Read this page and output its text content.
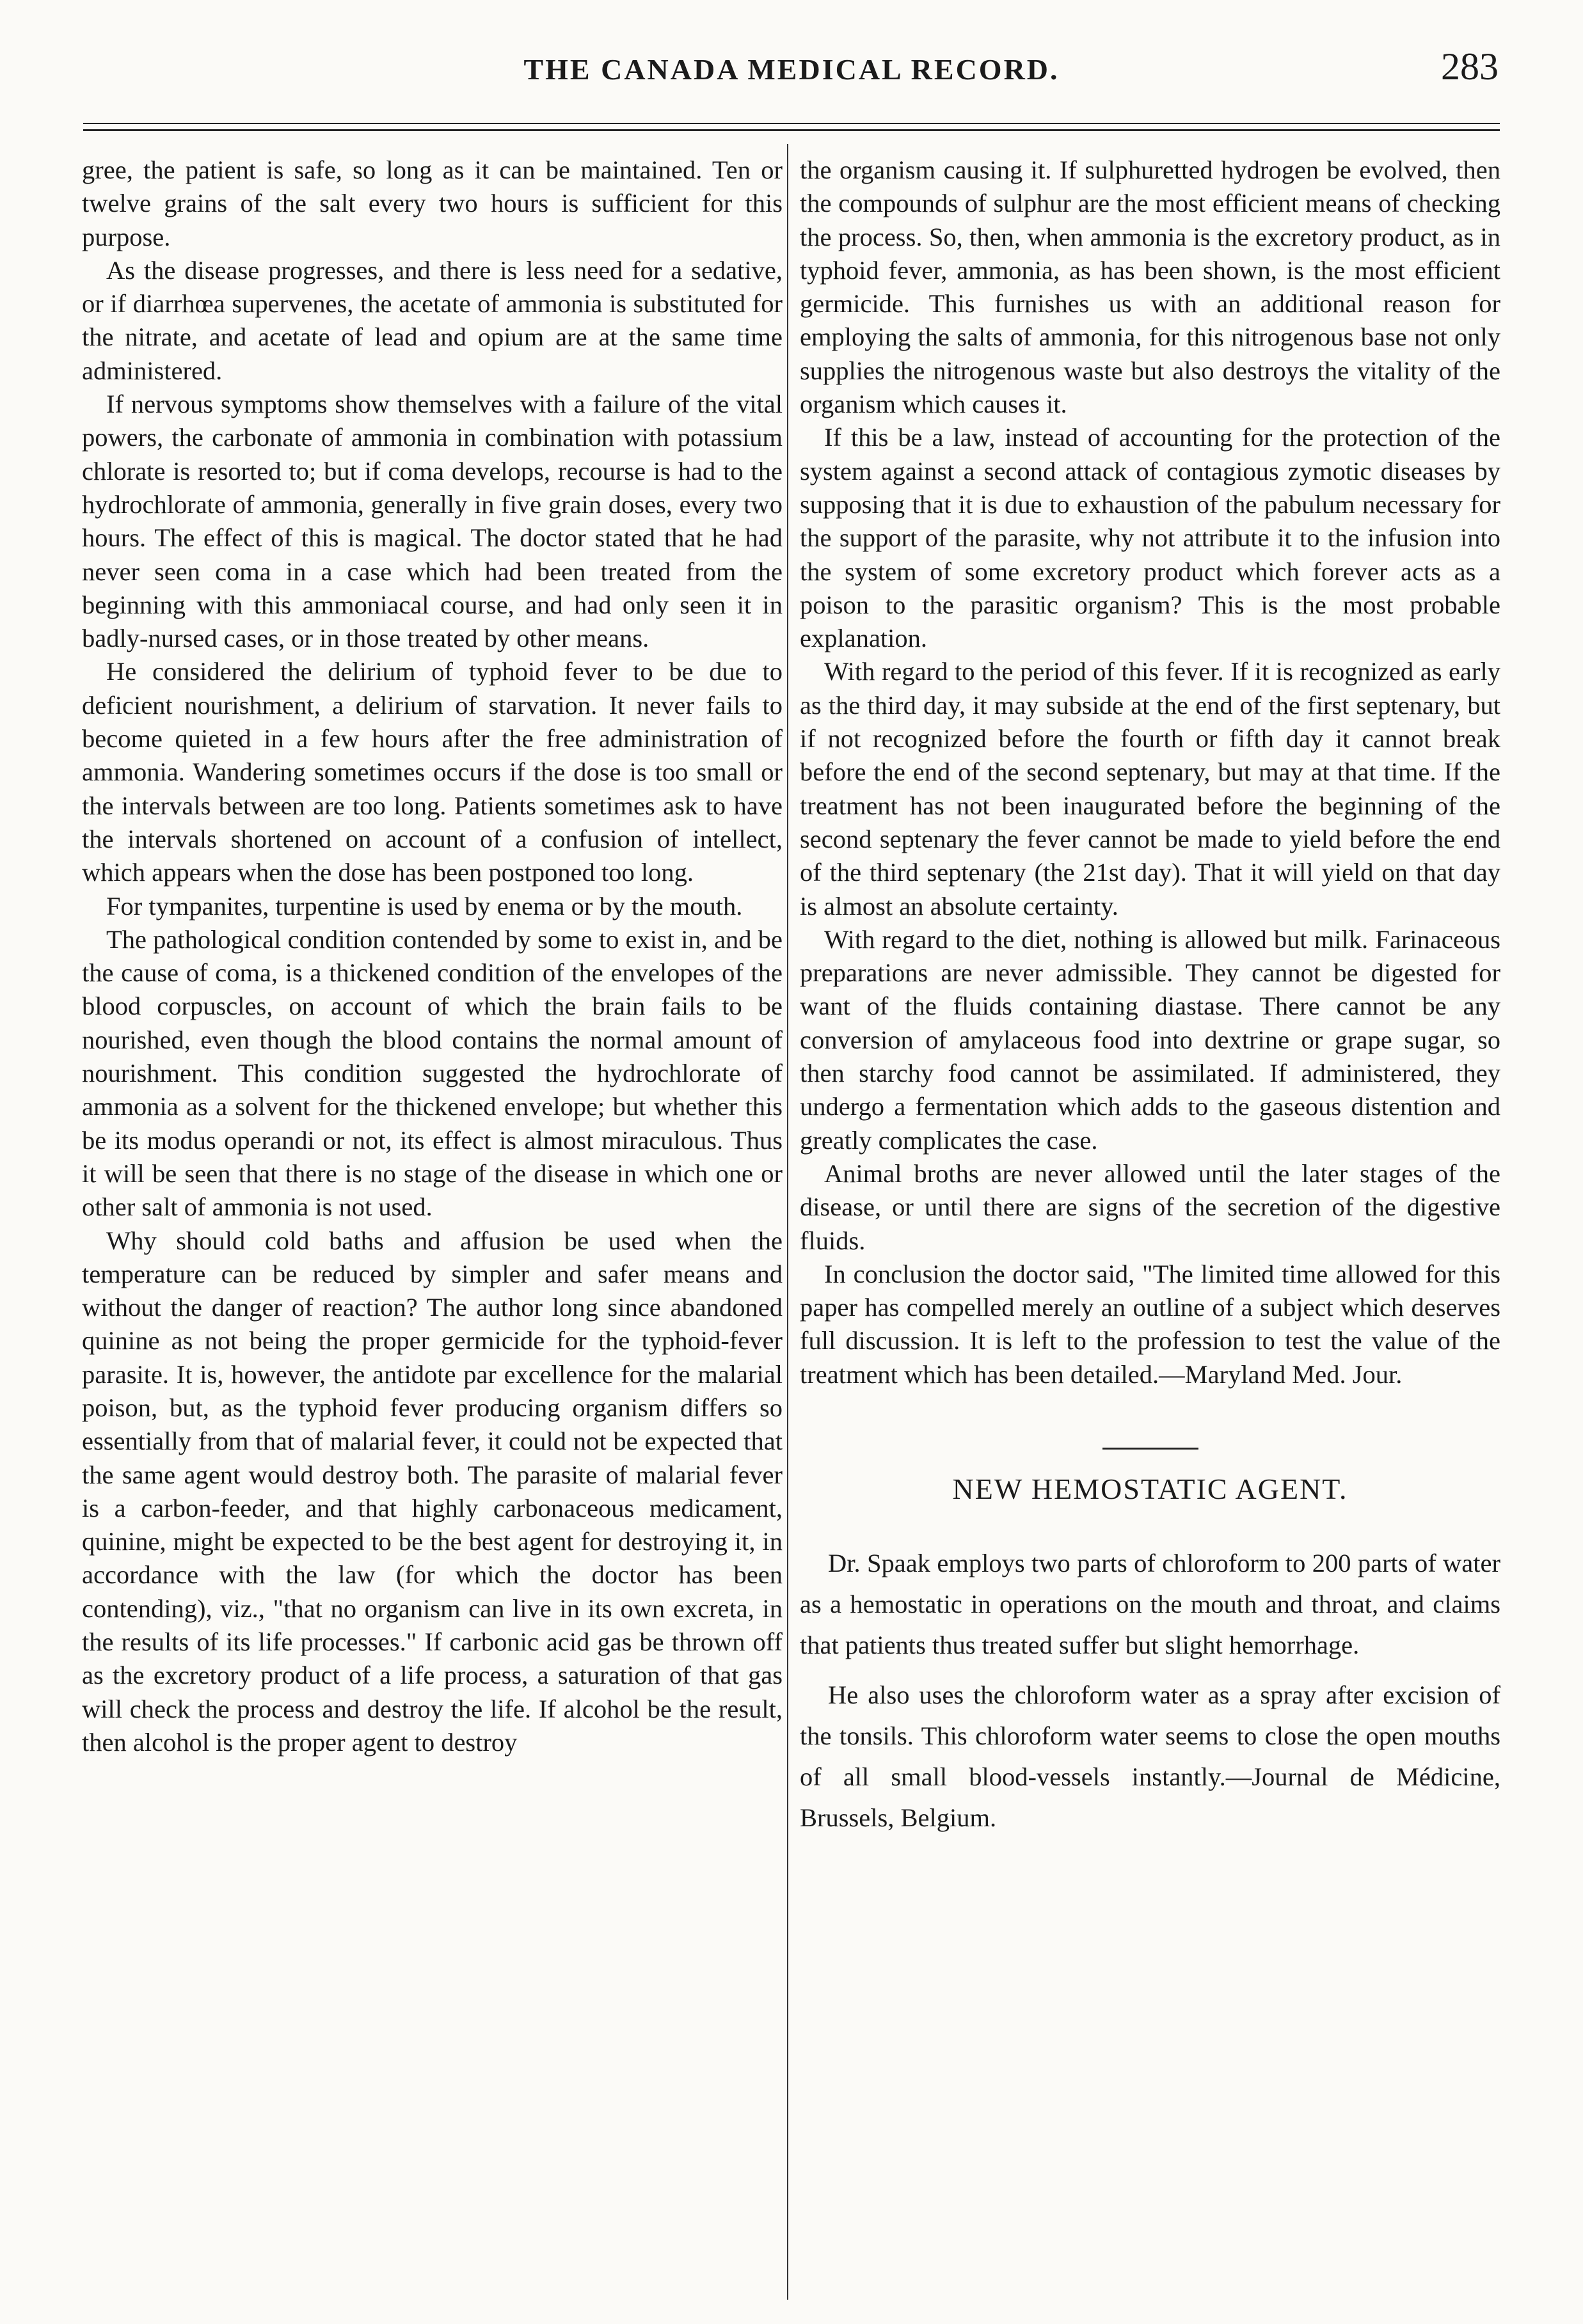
THE CANADA MEDICAL RECORD.	283

gree, the patient is safe, so long as it can be maintained. Ten or twelve grains of the salt every two hours is sufficient for this purpose.

As the disease progresses, and there is less need for a sedative, or if diarrhœa supervenes, the acetate of ammonia is substituted for the nitrate, and acetate of lead and opium are at the same time administered.

If nervous symptoms show themselves with a failure of the vital powers, the carbonate of ammonia in combination with potassium chlorate is resorted to; but if coma develops, recourse is had to the hydrochlorate of ammonia, generally in five grain doses, every two hours. The effect of this is magical. The doctor stated that he had never seen coma in a case which had been treated from the beginning with this ammoniacal course, and had only seen it in badly-nursed cases, or in those treated by other means.

He considered the delirium of typhoid fever to be due to deficient nourishment, a delirium of starvation. It never fails to become quieted in a few hours after the free administration of ammonia. Wandering sometimes occurs if the dose is too small or the intervals between are too long. Patients sometimes ask to have the intervals shortened on account of a confusion of intellect, which appears when the dose has been postponed too long.

For tympanites, turpentine is used by enema or by the mouth.

The pathological condition contended by some to exist in, and be the cause of coma, is a thickened condition of the envelopes of the blood corpuscles, on account of which the brain fails to be nourished, even though the blood contains the normal amount of nourishment. This condition suggested the hydrochlorate of ammonia as a solvent for the thickened envelope; but whether this be its modus operandi or not, its effect is almost miraculous. Thus it will be seen that there is no stage of the disease in which one or other salt of ammonia is not used.

Why should cold baths and affusion be used when the temperature can be reduced by simpler and safer means and without the danger of reaction? The author long since abandoned quinine as not being the proper germicide for the typhoid-fever parasite. It is, however, the antidote par excellence for the malarial poison, but, as the typhoid fever producing organism differs so essentially from that of malarial fever, it could not be expected that the same agent would destroy both. The parasite of malarial fever is a carbon-feeder, and that highly carbonaceous medicament, quinine, might be expected to be the best agent for destroying it, in accordance with the law (for which the doctor has been contending), viz., "that no organism can live in its own excreta, in the results of its life processes." If carbonic acid gas be thrown off as the excretory product of a life process, a saturation of that gas will check the process and destroy the life. If alcohol be the result, then alcohol is the proper agent to destroy

the organism causing it. If sulphuretted hydrogen be evolved, then the compounds of sulphur are the most efficient means of checking the process. So, then, when ammonia is the excretory product, as in typhoid fever, ammonia, as has been shown, is the most efficient germicide. This furnishes us with an additional reason for employing the salts of ammonia, for this nitrogenous base not only supplies the nitrogenous waste but also destroys the vitality of the organism which causes it.

If this be a law, instead of accounting for the protection of the system against a second attack of contagious zymotic diseases by supposing that it is due to exhaustion of the pabulum necessary for the support of the parasite, why not attribute it to the infusion into the system of some excretory product which forever acts as a poison to the parasitic organism? This is the most probable explanation.

With regard to the period of this fever. If it is recognized as early as the third day, it may subside at the end of the first septenary, but if not recognized before the fourth or fifth day it cannot break before the end of the second septenary, but may at that time. If the treatment has not been inaugurated before the beginning of the second septenary the fever cannot be made to yield before the end of the third septenary (the 21st day). That it will yield on that day is almost an absolute certainty.

With regard to the diet, nothing is allowed but milk. Farinaceous preparations are never admissible. They cannot be digested for want of the fluids containing diastase. There cannot be any conversion of amylaceous food into dextrine or grape sugar, so then starchy food cannot be assimilated. If administered, they undergo a fermentation which adds to the gaseous distention and greatly complicates the case.

Animal broths are never allowed until the later stages of the disease, or until there are signs of the secretion of the digestive fluids.

In conclusion the doctor said, "The limited time allowed for this paper has compelled merely an outline of a subject which deserves full discussion. It is left to the profession to test the value of the treatment which has been detailed.—Maryland Med. Jour.

NEW HEMOSTATIC AGENT.

Dr. Spaak employs two parts of chloroform to 200 parts of water as a hemostatic in operations on the mouth and throat, and claims that patients thus treated suffer but slight hemorrhage.

He also uses the chloroform water as a spray after excision of the tonsils. This chloroform water seems to close the open mouths of all small blood-vessels instantly.—Journal de Médicine, Brussels, Belgium.
